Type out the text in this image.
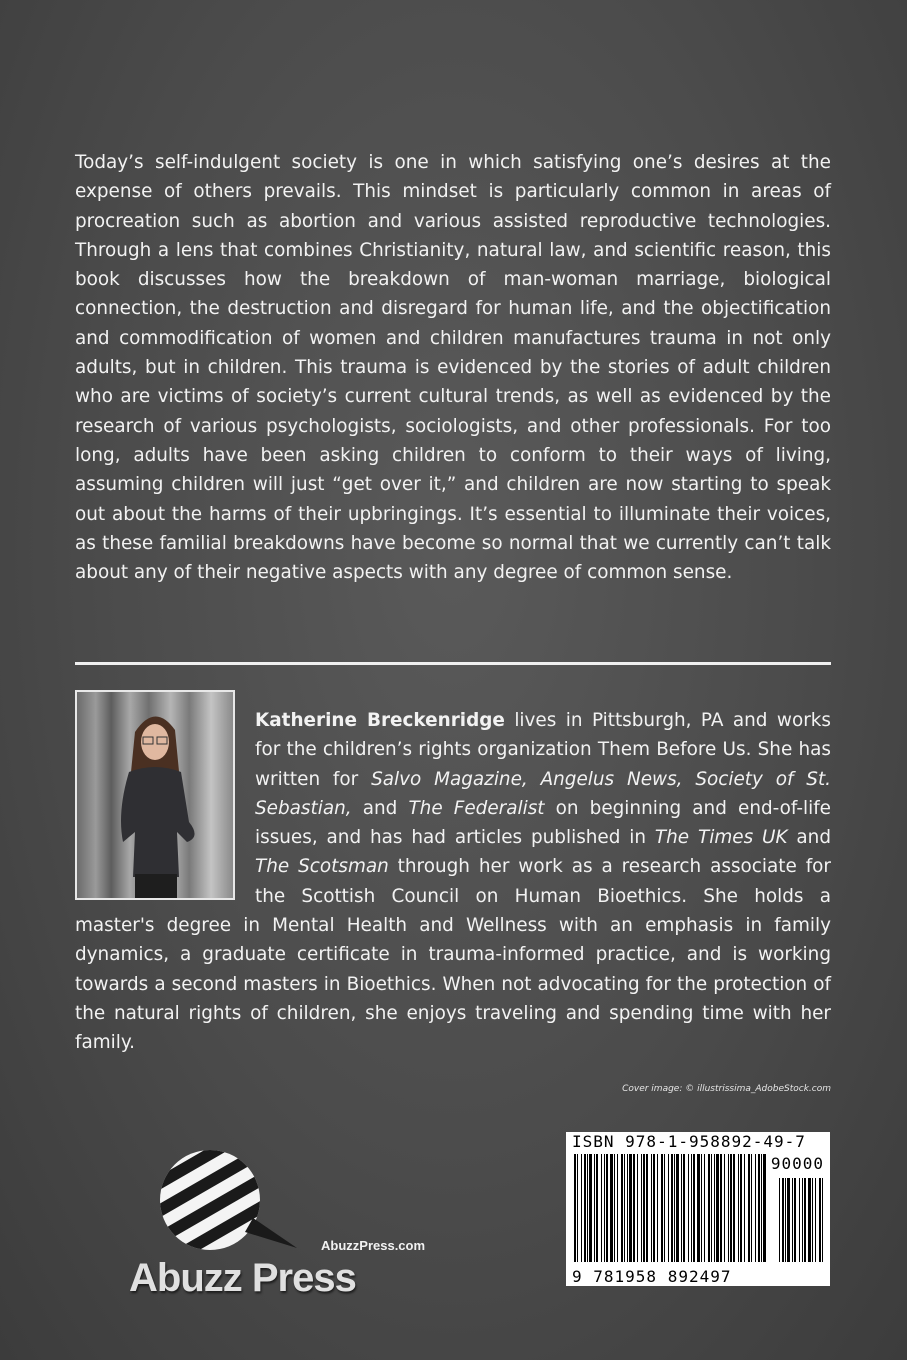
Today’s self-indulgent society is one in which satisfying one’s desires at the expense of others prevails. This mindset is particularly common in areas of procreation such as abortion and various assisted reproductive technologies. Through a lens that combines Christianity, natural law, and scientific reason, this book discusses how the breakdown of man-woman marriage, biological connection, the destruction and disregard for human life, and the objectification and commodification of women and children manufactures trauma in not only adults, but in children. This trauma is evidenced by the stories of adult children who are victims of society’s current cultural trends, as well as evidenced by the research of various psychologists, sociologists, and other professionals. For too long, adults have been asking children to conform to their ways of living, assuming children will just “get over it,” and children are now starting to speak out about the harms of their upbringings. It’s essential to illuminate their voices, as these familial breakdowns have become so normal that we currently can’t talk about any of their negative aspects with any degree of common sense.

Katherine Breckenridge lives in Pittsburgh, PA and works for the children’s rights organization Them Before Us. She has written for Salvo Magazine, Angelus News, Society of St. Sebastian, and The Federalist on beginning and end-of-life issues, and has had articles published in The Times UK and The Scotsman through her work as a research associate for the Scottish Council on Human Bioethics. She holds a master's degree in Mental Health and Wellness with an emphasis in family dynamics, a graduate certificate in trauma-informed practice, and is working towards a second masters in Bioethics. When not advocating for the protection of the natural rights of children, she enjoys traveling and spending time with her family.

Cover image: © illustrissima_AdobeStock.com
AbuzzPress.com
Abuzz Press
ISBN 978-1-958892-49-7
90000
9 781958 892497
